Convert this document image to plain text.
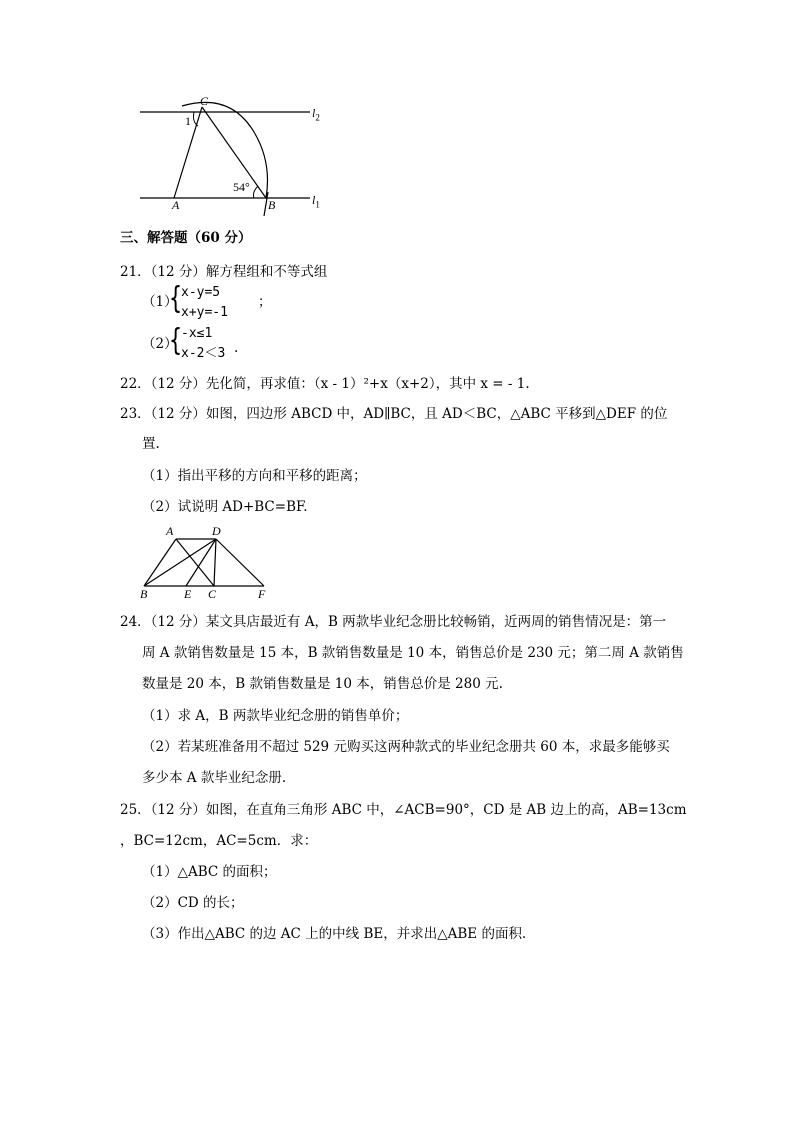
C
$l_2$
1
54°
A	B	$l_1$
三、解答题（60 分）
21．（12 分）解方程组和不等式组
（1）
{
x-y=5
x+y=-1
；
（2）
{
-x≤1
x-2＜3 .
22．（12 分）先化简，再求值：（x - 1）²+x（x+2），其中 x = - 1.
23．（12 分）如图，四边形 ABCD 中，AD∥BC，且 AD＜BC，△ABC 平移到△DEF 的位
置.
（1）指出平移的方向和平移的距离；
（2）试说明 AD+BC=BF.
A	D
B	E C	F
24．（12 分）某文具店最近有 A，B 两款毕业纪念册比较畅销，近两周的销售情况是：第一
周 A 款销售数量是 15 本，B 款销售数量是 10 本，销售总价是 230 元；第二周 A 款销售
数量是 20 本，B 款销售数量是 10 本，销售总价是 280 元.
（1）求 A，B 两款毕业纪念册的销售单价；
（2）若某班准备用不超过 529 元购买这两种款式的毕业纪念册共 60 本，求最多能够买
多少本 A 款毕业纪念册.
25．（12 分）如图，在直角三角形 ABC 中，∠ACB=90°，CD 是 AB 边上的高，AB=13cm
，BC=12cm，AC=5cm．求：
（1）△ABC 的面积；
（2）CD 的长；
（3）作出△ABC 的边 AC 上的中线 BE，并求出△ABE 的面积.
